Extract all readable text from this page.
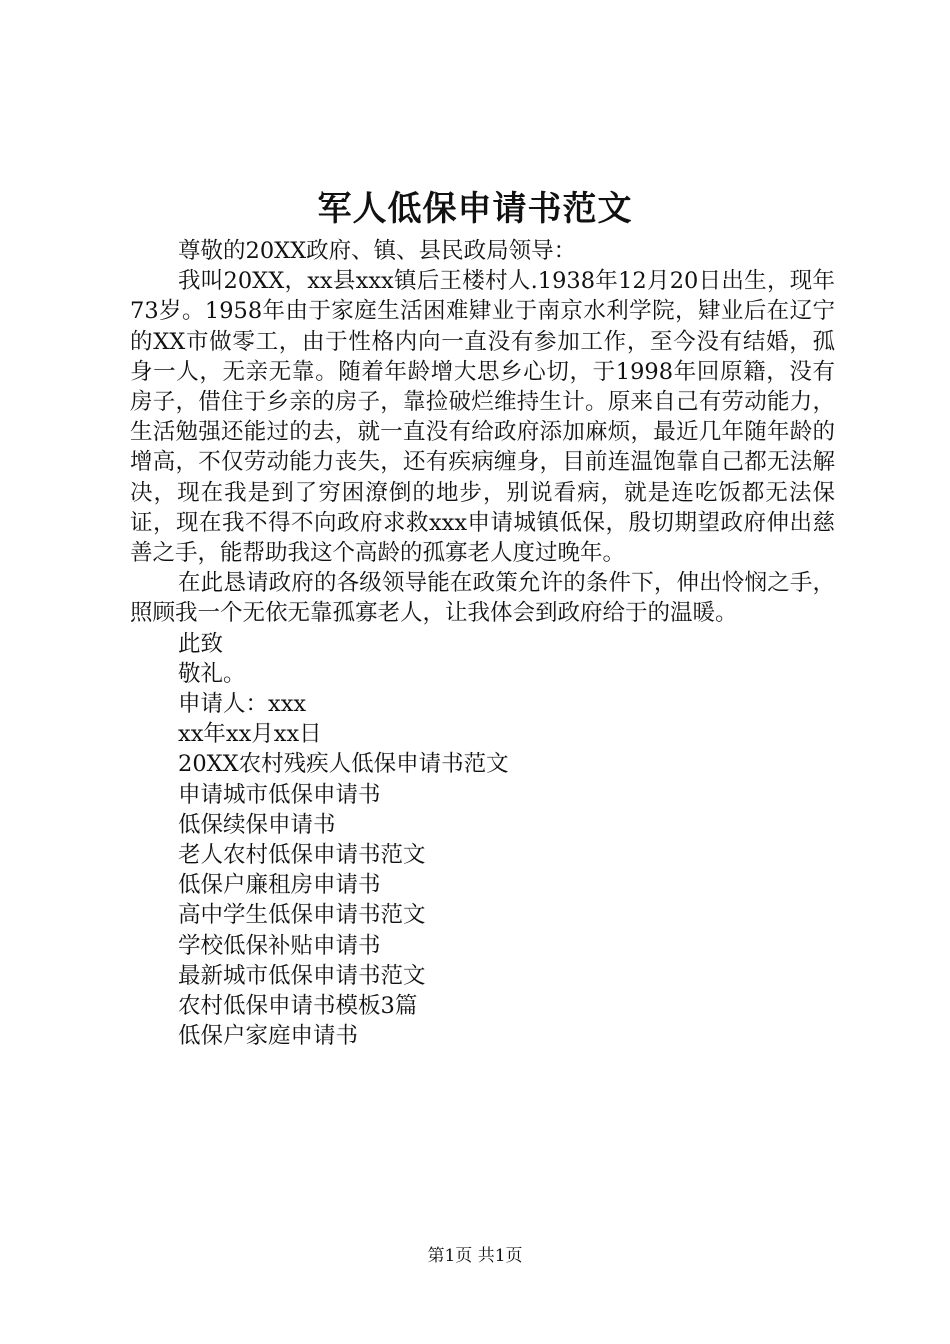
军人低保申请书范文

尊敬的20XX政府、镇、县民政局领导：

我叫20XX，xx县xxx镇后王楼村人.1938年12月20日出生，现年73岁。1958年由于家庭生活困难肄业于南京水利学院，肄业后在辽宁的XX市做零工，由于性格内向一直没有参加工作，至今没有结婚，孤身一人，无亲无靠。随着年龄增大思乡心切，于1998年回原籍，没有房子，借住于乡亲的房子，靠捡破烂维持生计。原来自己有劳动能力，生活勉强还能过的去，就一直没有给政府添加麻烦，最近几年随年龄的增高，不仅劳动能力丧失，还有疾病缠身，目前连温饱靠自己都无法解决，现在我是到了穷困潦倒的地步，别说看病，就是连吃饭都无法保证，现在我不得不向政府求救xxx申请城镇低保，殷切期望政府伸出慈善之手，能帮助我这个高龄的孤寡老人度过晚年。

在此恳请政府的各级领导能在政策允许的条件下，伸出怜悯之手，照顾我一个无依无靠孤寡老人，让我体会到政府给于的温暖。

此致

敬礼。

申请人：xxx

xx年xx月xx日

20XX农村残疾人低保申请书范文

申请城市低保申请书

低保续保申请书

老人农村低保申请书范文

低保户廉租房申请书

高中学生低保申请书范文

学校低保补贴申请书

最新城市低保申请书范文

农村低保申请书模板3篇

低保户家庭申请书

第1页 共1页
